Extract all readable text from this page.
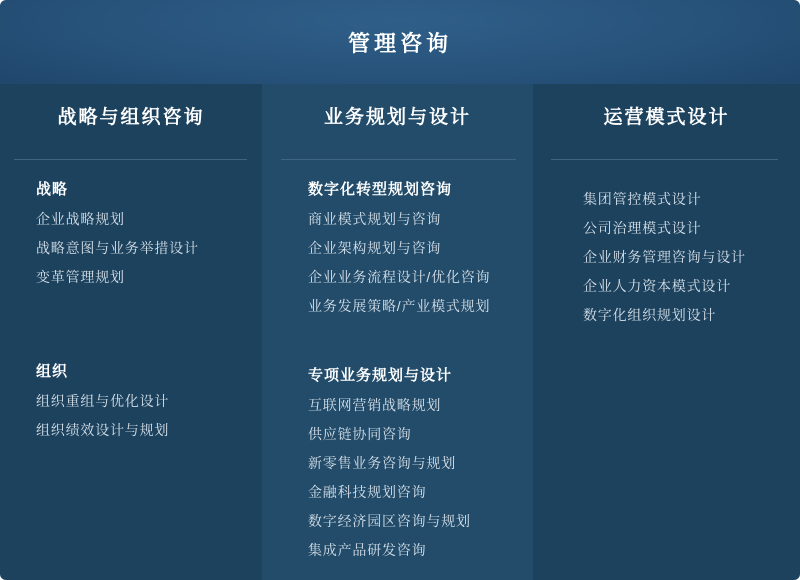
管理咨询
战略与组织咨询
战略
企业战略规划
战略意图与业务举措设计
变革管理规划
组织
组织重组与优化设计
组织绩效设计与规划
业务规划与设计
数字化转型规划咨询
商业模式规划与咨询
企业架构规划与咨询
企业业务流程设计/优化咨询
业务发展策略/产业模式规划
专项业务规划与设计
互联网营销战略规划
供应链协同咨询
新零售业务咨询与规划
金融科技规划咨询
数字经济园区咨询与规划
集成产品研发咨询
运营模式设计
集团管控模式设计
公司治理模式设计
企业财务管理咨询与设计
企业人力资本模式设计
数字化组织规划设计
